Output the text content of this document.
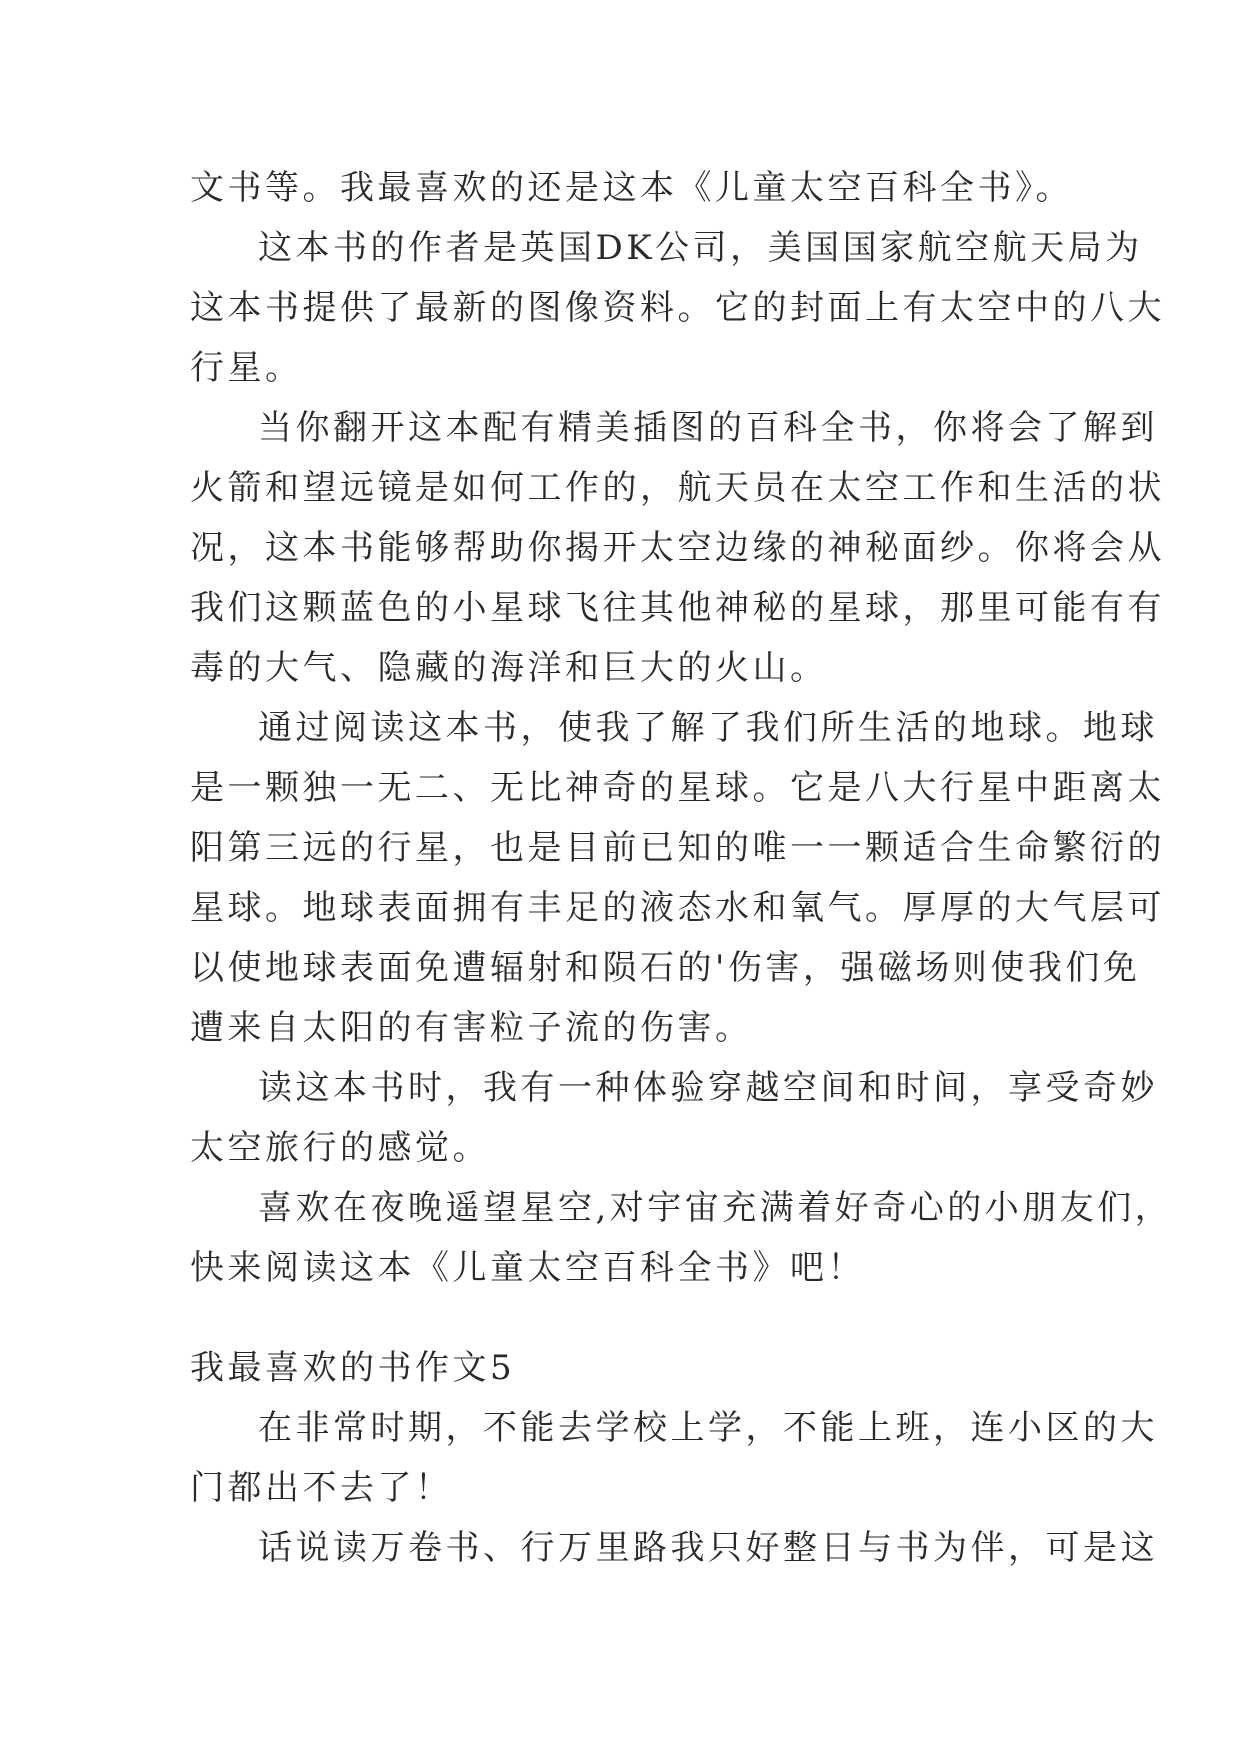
文书等。我最喜欢的还是这本《儿童太空百科全书》。
这本书的作者是英国DK公司，美国国家航空航天局为
这本书提供了最新的图像资料。它的封面上有太空中的八大
行星。
当你翻开这本配有精美插图的百科全书，你将会了解到
火箭和望远镜是如何工作的，航天员在太空工作和生活的状
况，这本书能够帮助你揭开太空边缘的神秘面纱。你将会从
我们这颗蓝色的小星球飞往其他神秘的星球，那里可能有有
毒的大气、隐藏的海洋和巨大的火山。
通过阅读这本书，使我了解了我们所生活的地球。地球
是一颗独一无二、无比神奇的星球。它是八大行星中距离太
阳第三远的行星，也是目前已知的唯一一颗适合生命繁衍的
星球。地球表面拥有丰足的液态水和氧气。厚厚的大气层可
以使地球表面免遭辐射和陨石的'伤害，强磁场则使我们免
遭来自太阳的有害粒子流的伤害。
读这本书时，我有一种体验穿越空间和时间，享受奇妙
太空旅行的感觉。
喜欢在夜晚遥望星空,对宇宙充满着好奇心的小朋友们，
快来阅读这本《儿童太空百科全书》吧！
我最喜欢的书作文5
在非常时期，不能去学校上学，不能上班，连小区的大
门都出不去了！
话说读万卷书、行万里路我只好整日与书为伴，可是这
